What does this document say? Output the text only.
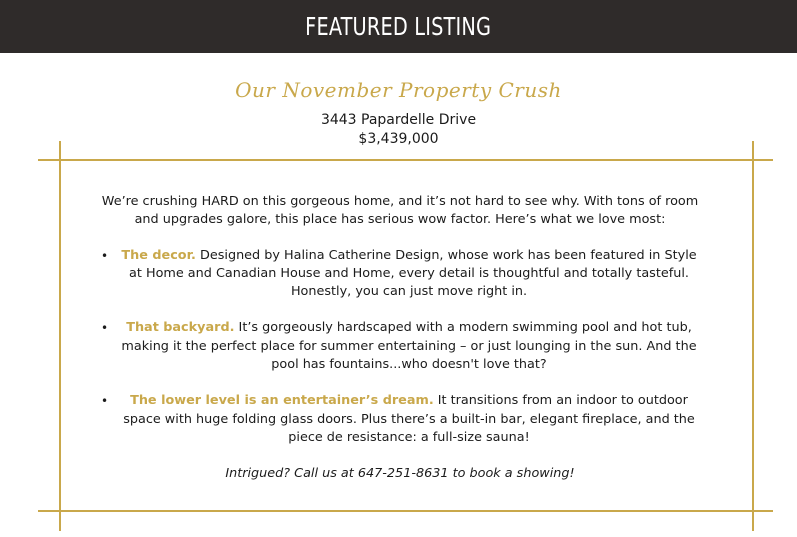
FEATURED LISTING
Our November Property Crush
3443 Papardelle Drive
$3,439,000

We’re crushing HARD on this gorgeous home, and it’s not hard to see why. With tons of room and upgrades galore, this place has serious wow factor. Here’s what we love most:

• The decor. Designed by Halina Catherine Design, whose work has been featured in Style at Home and Canadian House and Home, every detail is thoughtful and totally tasteful. Honestly, you can just move right in.
• That backyard. It’s gorgeously hardscaped with a modern swimming pool and hot tub, making it the perfect place for summer entertaining – or just lounging in the sun. And the pool has fountains...who doesn't love that?
• The lower level is an entertainer’s dream. It transitions from an indoor to outdoor space with huge folding glass doors. Plus there’s a built-in bar, elegant fireplace, and the piece de resistance: a full-size sauna!

Intrigued? Call us at 647-251-8631 to book a showing!
